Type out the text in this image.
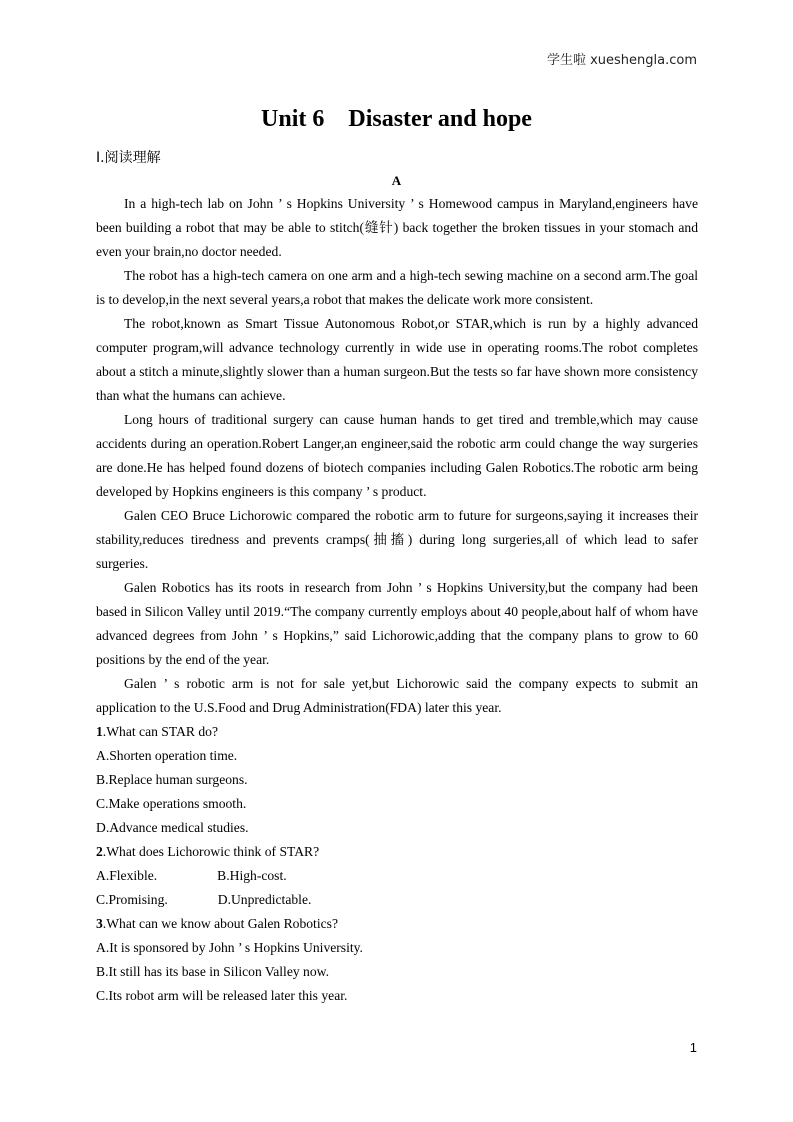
学生啦 xueshengla.com
Unit 6    Disaster and hope
Ⅰ.阅读理解
A

In a high-tech lab on John ’ s Hopkins University ’ s Homewood campus in Maryland,engineers have been building a robot that may be able to stitch(缝针) back together the broken tissues in your stomach and even your brain,no doctor needed.

The robot has a high-tech camera on one arm and a high-tech sewing machine on a second arm.The goal is to develop,in the next several years,a robot that makes the delicate work more consistent.

The robot,known as Smart Tissue Autonomous Robot,or STAR,which is run by a highly advanced computer program,will advance technology currently in wide use in operating rooms.The robot completes about a stitch a minute,slightly slower than a human surgeon.But the tests so far have shown more consistency than what the humans can achieve.

Long hours of traditional surgery can cause human hands to get tired and tremble,which may cause accidents during an operation.Robert Langer,an engineer,said the robotic arm could change the way surgeries are done.He has helped found dozens of biotech companies including Galen Robotics.The robotic arm being developed by Hopkins engineers is this company ’ s product.

Galen CEO Bruce Lichorowic compared the robotic arm to future for surgeons,saying it increases their stability,reduces tiredness and prevents cramps(抽搐) during long surgeries,all of which lead to safer surgeries.

Galen Robotics has its roots in research from John ’ s Hopkins University,but the company had been based in Silicon Valley until 2019.“The company currently employs about 40 people,about half of whom have advanced degrees from John ’ s Hopkins,” said Lichorowic,adding that the company plans to grow to 60 positions by the end of the year.

Galen ’ s robotic arm is not for sale yet,but Lichorowic said the company expects to submit an application to the U.S.Food and Drug Administration(FDA) later this year.

1.What can STAR do?

A.Shorten operation time.

B.Replace human surgeons.

C.Make operations smooth.

D.Advance medical studies.

2.What does Lichorowic think of STAR?

A.Flexible.	B.High-cost.

C.Promising.	D.Unpredictable.

3.What can we know about Galen Robotics?

A.It is sponsored by John ’ s Hopkins University.

B.It still has its base in Silicon Valley now.

C.Its robot arm will be released later this year.

1
